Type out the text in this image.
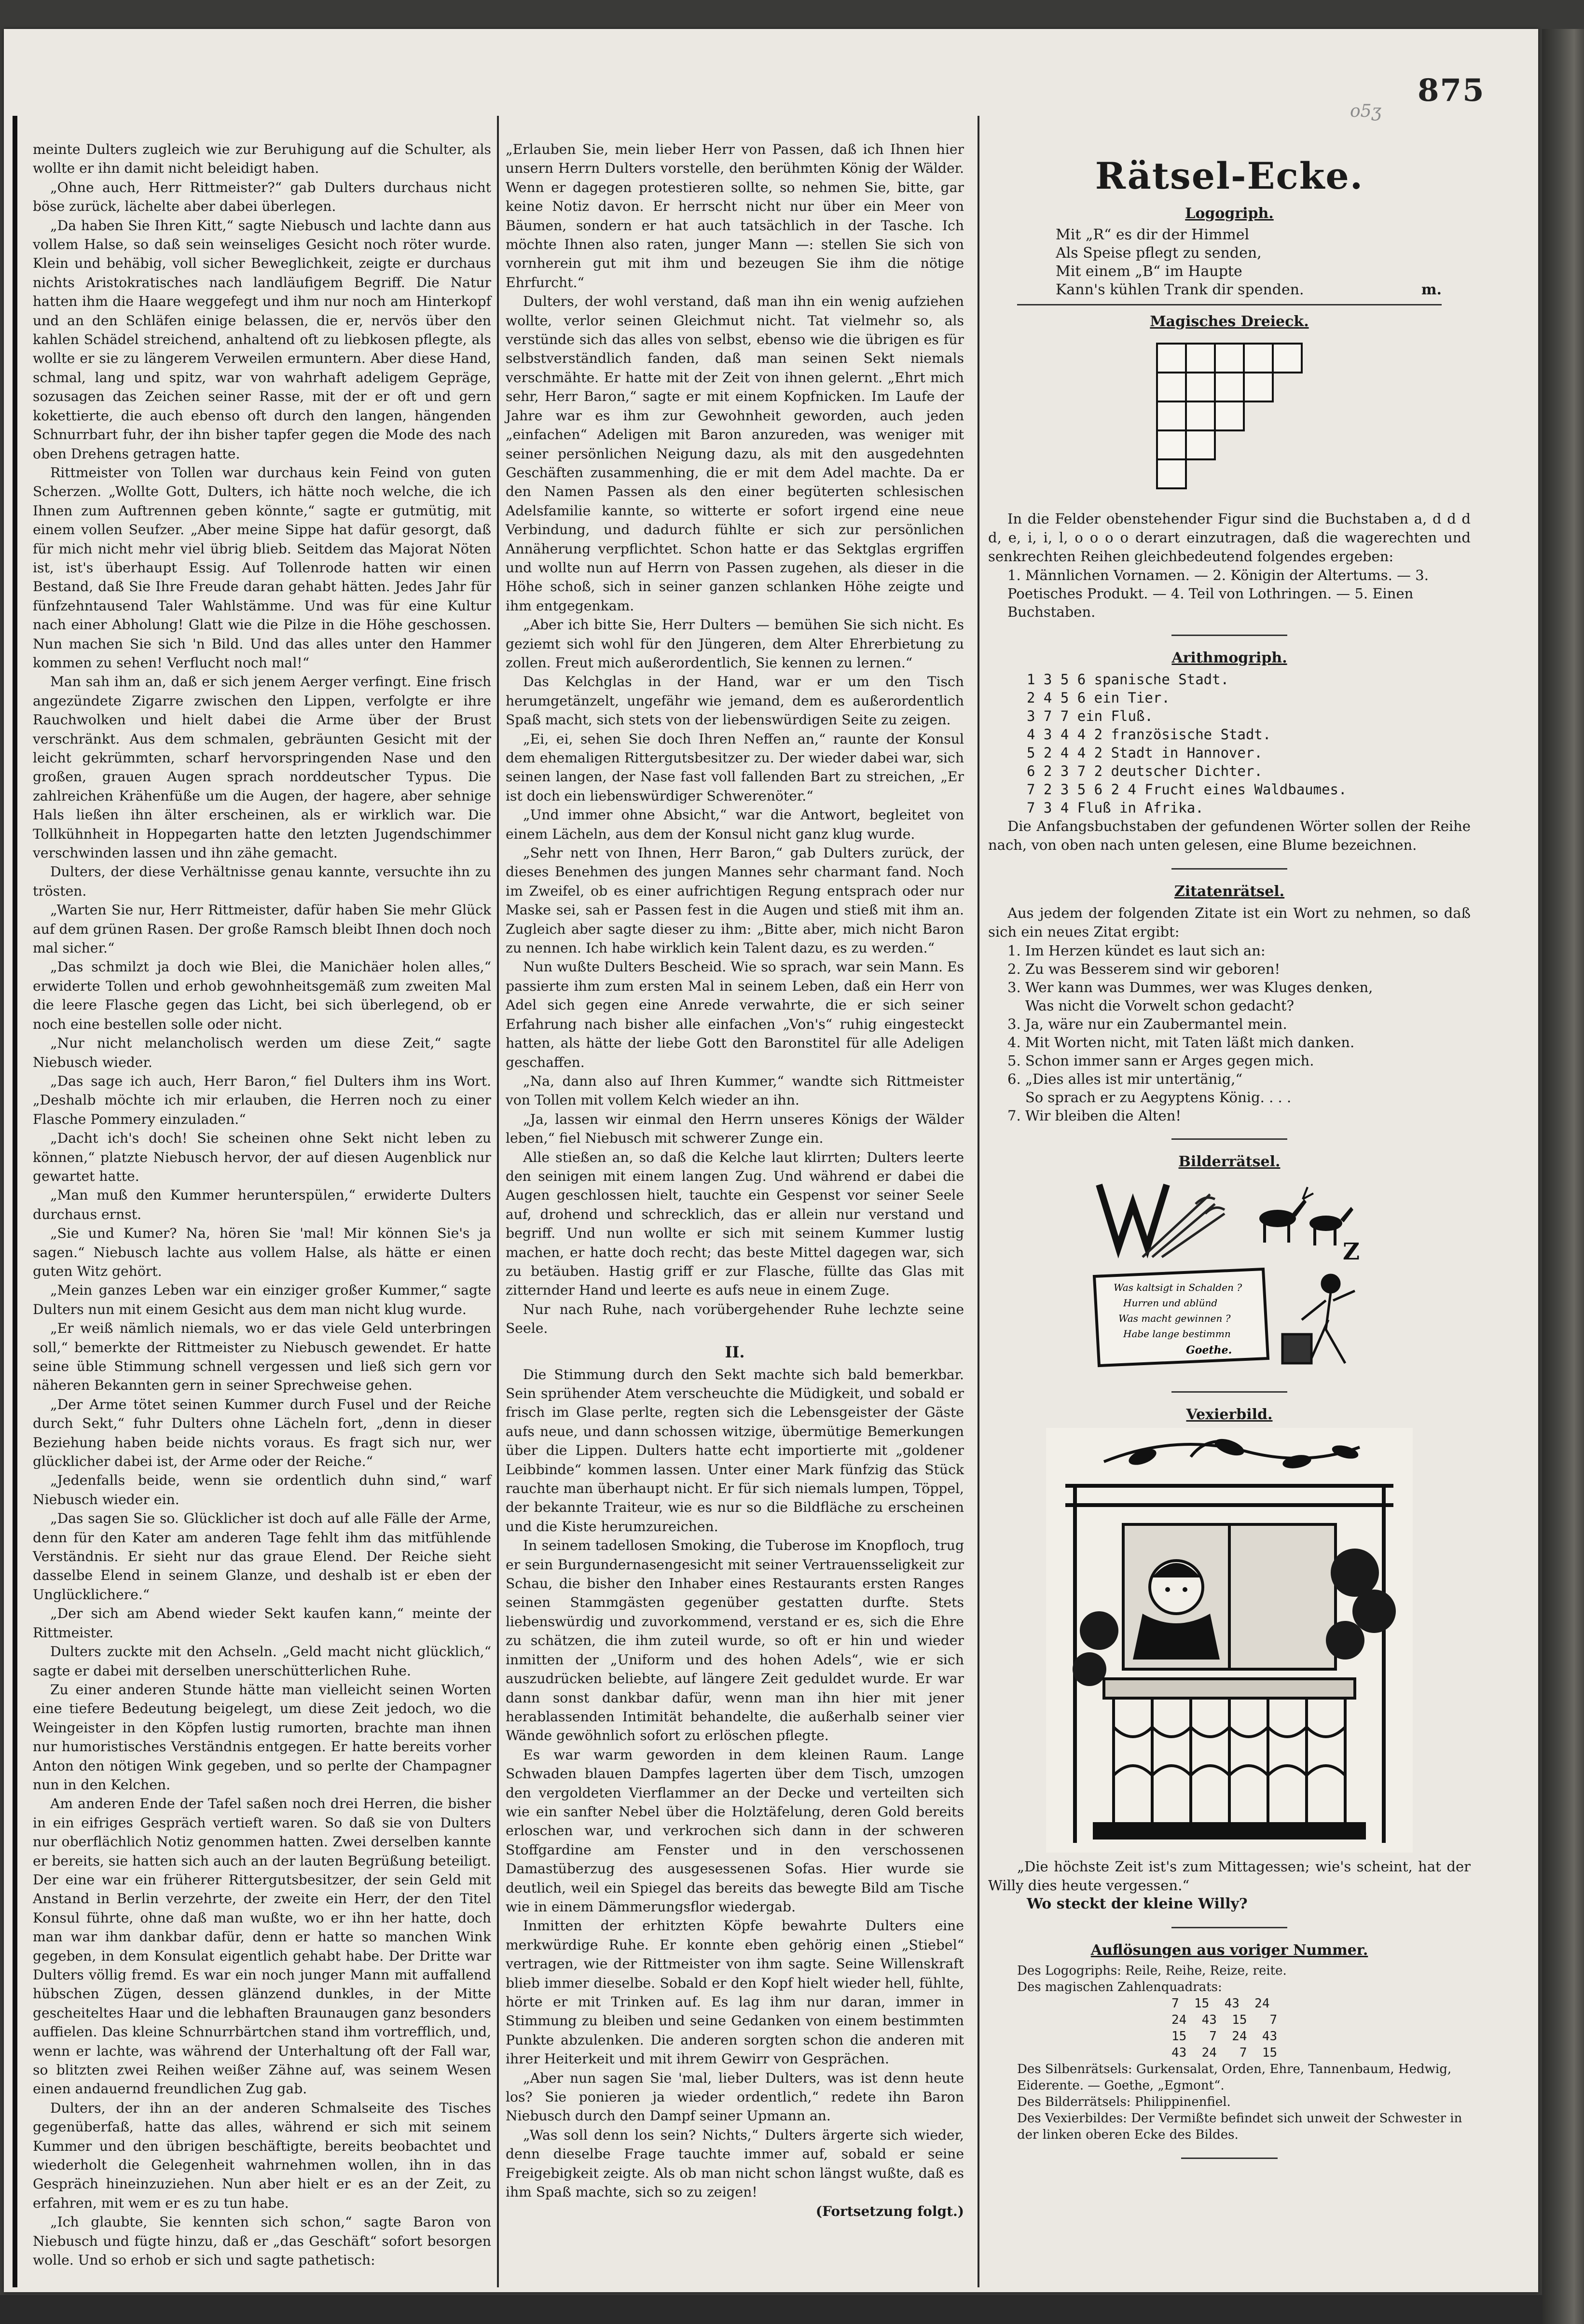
875
o5ʒ

meinte Dulters zugleich wie zur Beruhigung auf die Schulter, als wollte er ihn damit nicht beleidigt haben.

„Ohne auch, Herr Rittmeister?“ gab Dulters durchaus nicht böse zurück, lächelte aber dabei überlegen.

„Da haben Sie Ihren Kitt,“ sagte Niebusch und lachte dann aus vollem Halse, so daß sein weinseliges Gesicht noch röter wurde. Klein und behäbig, voll sicher Beweglichkeit, zeigte er durchaus nichts Aristokratisches nach landläufigem Begriff. Die Natur hatten ihm die Haare weggefegt und ihm nur noch am Hinterkopf und an den Schläfen einige belassen, die er, nervös über den kahlen Schädel streichend, anhaltend oft zu liebkosen pflegte, als wollte er sie zu längerem Verweilen ermuntern. Aber diese Hand, schmal, lang und spitz, war von wahrhaft adeligem Gepräge, sozusagen das Zeichen seiner Rasse, mit der er oft und gern kokettierte, die auch ebenso oft durch den langen, hängenden Schnurrbart fuhr, der ihn bisher tapfer gegen die Mode des nach oben Drehens getragen hatte.

Rittmeister von Tollen war durchaus kein Feind von guten Scherzen. „Wollte Gott, Dulters, ich hätte noch welche, die ich Ihnen zum Auftrennen geben könnte,“ sagte er gutmütig, mit einem vollen Seufzer. „Aber meine Sippe hat dafür gesorgt, daß für mich nicht mehr viel übrig blieb. Seitdem das Majorat Nöten ist, ist's überhaupt Essig. Auf Tollenrode hatten wir einen Bestand, daß Sie Ihre Freude daran gehabt hätten. Jedes Jahr für fünfzehntausend Taler Wahlstämme. Und was für eine Kultur nach einer Abholung! Glatt wie die Pilze in die Höhe geschossen. Nun machen Sie sich 'n Bild. Und das alles unter den Hammer kommen zu sehen! Verflucht noch mal!“

Man sah ihm an, daß er sich jenem Aerger verfingt. Eine frisch angezündete Zigarre zwischen den Lippen, verfolgte er ihre Rauchwolken und hielt dabei die Arme über der Brust verschränkt. Aus dem schmalen, gebräunten Gesicht mit der leicht gekrümmten, scharf hervorspringenden Nase und den großen, grauen Augen sprach norddeutscher Typus. Die zahlreichen Krähenfüße um die Augen, der hagere, aber sehnige Hals ließen ihn älter erscheinen, als er wirklich war. Die Tollkühnheit in Hoppegarten hatte den letzten Jugendschimmer verschwinden lassen und ihn zähe gemacht.

Dulters, der diese Verhältnisse genau kannte, versuchte ihn zu trösten.

„Warten Sie nur, Herr Rittmeister, dafür haben Sie mehr Glück auf dem grünen Rasen. Der große Ramsch bleibt Ihnen doch noch mal sicher.“

„Das schmilzt ja doch wie Blei, die Manichäer holen alles,“ erwiderte Tollen und erhob gewohnheitsgemäß zum zweiten Mal die leere Flasche gegen das Licht, bei sich überlegend, ob er noch eine bestellen solle oder nicht.

„Nur nicht melancholisch werden um diese Zeit,“ sagte Niebusch wieder.

„Das sage ich auch, Herr Baron,“ fiel Dulters ihm ins Wort. „Deshalb möchte ich mir erlauben, die Herren noch zu einer Flasche Pommery einzuladen.“

„Dacht ich's doch! Sie scheinen ohne Sekt nicht leben zu können,“ platzte Niebusch hervor, der auf diesen Augenblick nur gewartet hatte.

„Man muß den Kummer herunterspülen,“ erwiderte Dulters durchaus ernst.

„Sie und Kumer? Na, hören Sie 'mal! Mir können Sie's ja sagen.“ Niebusch lachte aus vollem Halse, als hätte er einen guten Witz gehört.

„Mein ganzes Leben war ein einziger großer Kummer,“ sagte Dulters nun mit einem Gesicht aus dem man nicht klug wurde.

„Er weiß nämlich niemals, wo er das viele Geld unterbringen soll,“ bemerkte der Rittmeister zu Niebusch gewendet. Er hatte seine üble Stimmung schnell vergessen und ließ sich gern vor näheren Bekannten gern in seiner Sprechweise gehen.

„Der Arme tötet seinen Kummer durch Fusel und der Reiche durch Sekt,“ fuhr Dulters ohne Lächeln fort, „denn in dieser Beziehung haben beide nichts voraus. Es fragt sich nur, wer glücklicher dabei ist, der Arme oder der Reiche.“

„Jedenfalls beide, wenn sie ordentlich duhn sind,“ warf Niebusch wieder ein.

„Das sagen Sie so. Glücklicher ist doch auf alle Fälle der Arme, denn für den Kater am anderen Tage fehlt ihm das mitfühlende Verständnis. Er sieht nur das graue Elend. Der Reiche sieht dasselbe Elend in seinem Glanze, und deshalb ist er eben der Unglücklichere.“

„Der sich am Abend wieder Sekt kaufen kann,“ meinte der Rittmeister.

Dulters zuckte mit den Achseln. „Geld macht nicht glücklich,“ sagte er dabei mit derselben unerschütterlichen Ruhe.

Zu einer anderen Stunde hätte man vielleicht seinen Worten eine tiefere Bedeutung beigelegt, um diese Zeit jedoch, wo die Weingeister in den Köpfen lustig rumorten, brachte man ihnen nur humoristisches Verständnis entgegen. Er hatte bereits vorher Anton den nötigen Wink gegeben, und so perlte der Champagner nun in den Kelchen.

Am anderen Ende der Tafel saßen noch drei Herren, die bisher in ein eifriges Gespräch vertieft waren. So daß sie von Dulters nur oberflächlich Notiz genommen hatten. Zwei derselben kannte er bereits, sie hatten sich auch an der lauten Begrüßung beteiligt. Der eine war ein früherer Rittergutsbesitzer, der sein Geld mit Anstand in Berlin verzehrte, der zweite ein Herr, der den Titel Konsul führte, ohne daß man wußte, wo er ihn her hatte, doch man war ihm dankbar dafür, denn er hatte so manchen Wink gegeben, in dem Konsulat eigentlich gehabt habe. Der Dritte war Dulters völlig fremd. Es war ein noch junger Mann mit auffallend hübschen Zügen, dessen glänzend dunkles, in der Mitte gescheiteltes Haar und die lebhaften Braunaugen ganz besonders auffielen. Das kleine Schnurrbärtchen stand ihm vortrefflich, und, wenn er lachte, was während der Unterhaltung oft der Fall war, so blitzten zwei Reihen weißer Zähne auf, was seinem Wesen einen andauernd freundlichen Zug gab.

Dulters, der ihn an der anderen Schmalseite des Tisches gegenüberfaß, hatte das alles, während er sich mit seinem Kummer und den übrigen beschäftigte, bereits beobachtet und wiederholt die Gelegenheit wahrnehmen wollen, ihn in das Gespräch hineinzuziehen. Nun aber hielt er es an der Zeit, zu erfahren, mit wem er es zu tun habe.

„Ich glaubte, Sie kennten sich schon,“ sagte Baron von Niebusch und fügte hinzu, daß er „das Geschäft“ sofort besorgen wolle. Und so erhob er sich und sagte pathetisch:

„Erlauben Sie, mein lieber Herr von Passen, daß ich Ihnen hier unsern Herrn Dulters vorstelle, den berühmten König der Wälder. Wenn er dagegen protestieren sollte, so nehmen Sie, bitte, gar keine Notiz davon. Er herrscht nicht nur über ein Meer von Bäumen, sondern er hat auch tatsächlich in der Tasche. Ich möchte Ihnen also raten, junger Mann —: stellen Sie sich von vornherein gut mit ihm und bezeugen Sie ihm die nötige Ehrfurcht.“

Dulters, der wohl verstand, daß man ihn ein wenig aufziehen wollte, verlor seinen Gleichmut nicht. Tat vielmehr so, als verstünde sich das alles von selbst, ebenso wie die übrigen es für selbstverständlich fanden, daß man seinen Sekt niemals verschmähte. Er hatte mit der Zeit von ihnen gelernt. „Ehrt mich sehr, Herr Baron,“ sagte er mit einem Kopfnicken. Im Laufe der Jahre war es ihm zur Gewohnheit geworden, auch jeden „einfachen“ Adeligen mit Baron anzureden, was weniger mit seiner persönlichen Neigung dazu, als mit den ausgedehnten Geschäften zusammenhing, die er mit dem Adel machte. Da er den Namen Passen als den einer begüterten schlesischen Adelsfamilie kannte, so witterte er sofort irgend eine neue Verbindung, und dadurch fühlte er sich zur persönlichen Annäherung verpflichtet. Schon hatte er das Sektglas ergriffen und wollte nun auf Herrn von Passen zugehen, als dieser in die Höhe schoß, sich in seiner ganzen schlanken Höhe zeigte und ihm entgegenkam.

„Aber ich bitte Sie, Herr Dulters — bemühen Sie sich nicht. Es geziemt sich wohl für den Jüngeren, dem Alter Ehrerbietung zu zollen. Freut mich außerordentlich, Sie kennen zu lernen.“

Das Kelchglas in der Hand, war er um den Tisch herumgetänzelt, ungefähr wie jemand, dem es außerordentlich Spaß macht, sich stets von der liebenswürdigen Seite zu zeigen.

„Ei, ei, sehen Sie doch Ihren Neffen an,“ raunte der Konsul dem ehemaligen Rittergutsbesitzer zu. Der wieder dabei war, sich seinen langen, der Nase fast voll fallenden Bart zu streichen, „Er ist doch ein liebenswürdiger Schwerenöter.“

„Und immer ohne Absicht,“ war die Antwort, begleitet von einem Lächeln, aus dem der Konsul nicht ganz klug wurde.

„Sehr nett von Ihnen, Herr Baron,“ gab Dulters zurück, der dieses Benehmen des jungen Mannes sehr charmant fand. Noch im Zweifel, ob es einer aufrichtigen Regung entsprach oder nur Maske sei, sah er Passen fest in die Augen und stieß mit ihm an. Zugleich aber sagte dieser zu ihm: „Bitte aber, mich nicht Baron zu nennen. Ich habe wirklich kein Talent dazu, es zu werden.“

Nun wußte Dulters Bescheid. Wie so sprach, war sein Mann. Es passierte ihm zum ersten Mal in seinem Leben, daß ein Herr von Adel sich gegen eine Anrede verwahrte, die er sich seiner Erfahrung nach bisher alle einfachen „Von's“ ruhig eingesteckt hatten, als hätte der liebe Gott den Baronstitel für alle Adeligen geschaffen.

„Na, dann also auf Ihren Kummer,“ wandte sich Rittmeister von Tollen mit vollem Kelch wieder an ihn.

„Ja, lassen wir einmal den Herrn unseres Königs der Wälder leben,“ fiel Niebusch mit schwerer Zunge ein.

Alle stießen an, so daß die Kelche laut klirrten; Dulters leerte den seinigen mit einem langen Zug. Und während er dabei die Augen geschlossen hielt, tauchte ein Gespenst vor seiner Seele auf, drohend und schrecklich, das er allein nur verstand und begriff. Und nun wollte er sich mit seinem Kummer lustig machen, er hatte doch recht; das beste Mittel dagegen war, sich zu betäuben. Hastig griff er zur Flasche, füllte das Glas mit zitternder Hand und leerte es aufs neue in einem Zuge.

Nur nach Ruhe, nach vorübergehender Ruhe lechzte seine Seele.

II.

Die Stimmung durch den Sekt machte sich bald bemerkbar. Sein sprühender Atem verscheuchte die Müdigkeit, und sobald er frisch im Glase perlte, regten sich die Lebensgeister der Gäste aufs neue, und dann schossen witzige, übermütige Bemerkungen über die Lippen. Dulters hatte echt importierte mit „goldener Leibbinde“ kommen lassen. Unter einer Mark fünfzig das Stück rauchte man überhaupt nicht. Er für sich niemals lumpen, Töppel, der bekannte Traiteur, wie es nur so die Bildfläche zu erscheinen und die Kiste herumzureichen.

In seinem tadellosen Smoking, die Tuberose im Knopfloch, trug er sein Burgundernasengesicht mit seiner Vertrauensseligkeit zur Schau, die bisher den Inhaber eines Restaurants ersten Ranges seinen Stammgästen gegenüber gestatten durfte. Stets liebenswürdig und zuvorkommend, verstand er es, sich die Ehre zu schätzen, die ihm zuteil wurde, so oft er hin und wieder inmitten der „Uniform und des hohen Adels“, wie er sich auszudrücken beliebte, auf längere Zeit geduldet wurde. Er war dann sonst dankbar dafür, wenn man ihn hier mit jener herablassenden Intimität behandelte, die außerhalb seiner vier Wände gewöhnlich sofort zu erlöschen pflegte.

Es war warm geworden in dem kleinen Raum. Lange Schwaden blauen Dampfes lagerten über dem Tisch, umzogen den vergoldeten Vierflammer an der Decke und verteilten sich wie ein sanfter Nebel über die Holztäfelung, deren Gold bereits erloschen war, und verkrochen sich dann in der schweren Stoffgardine am Fenster und in den verschossenen Damastüberzug des ausgesessenen Sofas. Hier wurde sie deutlich, weil ein Spiegel das bereits das bewegte Bild am Tische wie in einem Dämmerungsflor wiedergab.

Inmitten der erhitzten Köpfe bewahrte Dulters eine merkwürdige Ruhe. Er konnte eben gehörig einen „Stiebel“ vertragen, wie der Rittmeister von ihm sagte. Seine Willenskraft blieb immer dieselbe. Sobald er den Kopf hielt wieder hell, fühlte, hörte er mit Trinken auf. Es lag ihm nur daran, immer in Stimmung zu bleiben und seine Gedanken von einem bestimmten Punkte abzulenken. Die anderen sorgten schon die anderen mit ihrer Heiterkeit und mit ihrem Gewirr von Gesprächen.

„Aber nun sagen Sie 'mal, lieber Dulters, was ist denn heute los? Sie ponieren ja wieder ordentlich,“ redete ihn Baron Niebusch durch den Dampf seiner Upmann an.

„Was soll denn los sein? Nichts,“ Dulters ärgerte sich wieder, denn dieselbe Frage tauchte immer auf, sobald er seine Freigebigkeit zeigte. Als ob man nicht schon längst wußte, daß es ihm Spaß machte, sich so zu zeigen!

(Fortsetzung folgt.)
Rätsel-Ecke.
Logogriph.

Mit „R“ es dir der Himmel

Als Speise pflegt zu senden,

Mit einem „B“ im Haupte

Kann's kühlen Trank dir spenden.	m.

Magisches Dreieck.

In die Felder obenstehender Figur sind die Buchstaben a, d d d d, e, i, i, l, o o o o derart einzutragen, daß die wagerechten und senkrechten Reihen gleichbedeutend folgendes ergeben:

1. Männlichen Vornamen. — 2. Königin der Altertums. — 3. Poetisches Produkt. — 4. Teil von Lothringen. — 5. Einen Buchstaben.

Arithmogriph.

1 3 5 6 spanische Stadt.

2 4 5 6 ein Tier.

3 7 7 ein Fluß.

4 3 4 4 2 französische Stadt.

5 2 4 4 2 Stadt in Hannover.

6 2 3 7 2 deutscher Dichter.

7 2 3 5 6 2 4 Frucht eines Waldbaumes.

7 3 4 Fluß in Afrika.

Die Anfangsbuchstaben der gefundenen Wörter sollen der Reihe nach, von oben nach unten gelesen, eine Blume bezeichnen.

Zitatenrätsel.

Aus jedem der folgenden Zitate ist ein Wort zu nehmen, so daß sich ein neues Zitat ergibt:

1. Im Herzen kündet es laut sich an:

2. Zu was Besserem sind wir geboren!

3. Wer kann was Dummes, wer was Kluges denken,

Was nicht die Vorwelt schon gedacht?

3. Ja, wäre nur ein Zaubermantel mein.

4. Mit Worten nicht, mit Taten läßt mich danken.

5. Schon immer sann er Arges gegen mich.

6. „Dies alles ist mir untertänig,“

So sprach er zu Aegyptens König. . . .

7. Wir bleiben die Alten!

Bilderrätsel.
Z
Was kaltsigt in Schalden ?
Hurren und ablünd
Was macht gewinnen ?
Habe lange bestimmn
Goethe.
Vexierbild.

„Die höchste Zeit ist's zum Mittagessen; wie's scheint, hat der Willy dies heute vergessen.“

Wo steckt der kleine Willy?

Auflösungen aus voriger Nummer.

Des Logogriphs: Reile, Reihe, Reize, reite.

Des magischen Zahlenquadrats:

7  15  43  24

24  43  15   7

15   7  24  43

43  24   7  15

Des Silbenrätsels: Gurkensalat, Orden, Ehre, Tannenbaum, Hedwig, Eiderente. — Goethe, „Egmont“.

Des Bilderrätsels: Philippinenfiel.

Des Vexierbildes: Der Vermißte befindet sich unweit der Schwester in der linken oberen Ecke des Bildes.
